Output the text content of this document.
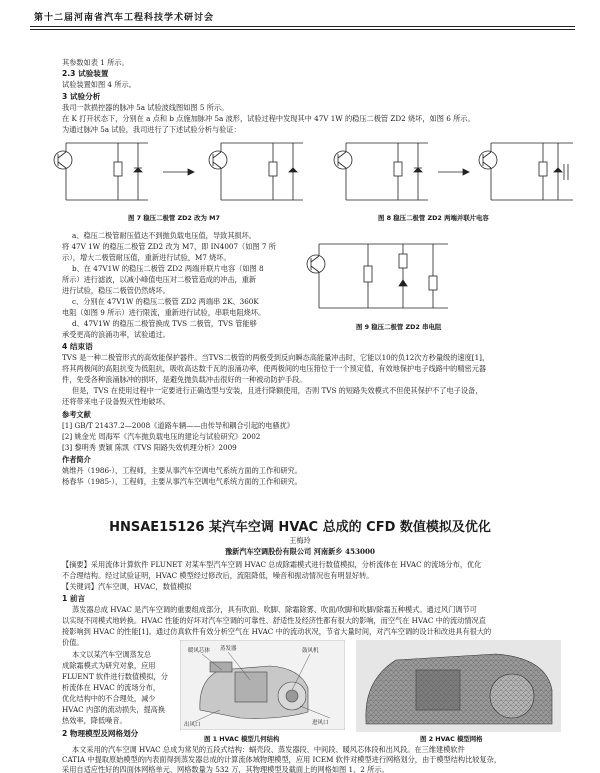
第十二届河南省汽车工程科技学术研讨会
其参数如表 1 所示。
2.3 试验装置
试验装置如图 4 所示。
3 试验分析
我司一款损控器的脉冲 5a 试验波线图如图 5 所示。
在 K 打开状态下，分别在 a 点和 b 点施加脉冲 5a 波形，试验过程中发现其中 47V 1W 的稳压二极管 ZD2 烧坏，如图 6 所示。
为通过脉冲 5a 试验，我司进行了下述试验分析与验证：
图 7 稳压二极管 ZD2 改为 M7	图 8 稳压二极管 ZD2 两端并联片电容
a、稳压二极管耐压值达不到抛负载电压值，导致其损坏。
将 47V 1W 的稳压二极管 ZD2 改为 M7，即 IN4007（如图 7 所
示），增大二极管耐压值，重新进行试验，M7 烧坏。
b、在 47V1W 的稳压二极管 ZD2 两端并联片电容（如图 8
所示）进行滤波，以减小峰值电压对二极管造成的冲击，重新
进行试验，稳压二极管仍然烧坏。
c、分别在 47V1W 的稳压二极管 ZD2 两端串 2K、360K
电阻（如图 9 所示）进行限流，重新进行试验，串联电阻烧坏。
d、47V1W 的稳压二极管换成 TVS 二极管，TVS 管能够
承受更高的浪涌功率，试验通过。
图 9 稳压二极管 ZD2 串电阻
4 结束语
TVS 是一种二极管形式的高效能保护器件。当TVS二极管的两极受到反向瞬态高能量冲击时，它能以10的负12次方秒量级的速度[1]，
将其两极间的高阻抗变为低阻抗，吸收高达数千瓦的浪涌功率，使两极间的电压箝位于一个预定值，有效地保护电子线路中的精密元器
件，免受各种浪涌脉冲的损坏，是避免抛负载冲击很好的一种被动防护手段。
但是，TVS 在使用过程中一定要进行正确选型与安装，且进行降额使用，否则 TVS 的短路失效模式不但使其保护不了电子设备，
还将带来电子设备毁灭性地破坏。
参考文献
[1] GB/T 21437.2—2008《道路车辆——由传导和耦合引起的电骚扰》
[2] 姚金光 周海军《汽车抛负载电压的建论与试验研究》2002
[3] 黎明秀 贾颖 陈凯《TVS 阳路失效机理分析》2009
作者简介
姚维丹（1986-），工程师，主要从事汽车空调电气系统方面的工作和研究。
杨春华（1985-），工程师，主要从事汽车空调电气系统方面的工作和研究。
HNSAE15126 某汽车空调 HVAC 总成的 CFD 数值模拟及优化
王梅玲
豫新汽车空调股份有限公司 河南新乡 453000
【摘要】采用流体计算软件 FLUNET 对某车型汽车空调 HVAC 总成除霜模式进行数值模拟，分析流体在 HVAC 的流场分布，优化
不合理结构。经过试验证明，HVAC 模型经过修改后，流阻降低，噪音和振动情况也有明显好转。
【关键词】汽车空调，HVAC，数值模拟
1 前言
蒸发器总成 HVAC 是汽车空调的重要组成部分，具有吹面、吹脚、除霜除雾、吹面/吹脚和吹脚/除霜五种模式。通过风门调节可
以实现不同模式地转换。HVAC 性能的好坏对汽车空调的可靠性、舒适性及经济性都有很大的影响，而空气在 HVAC 中的流动情况直
接影响到 HVAC 的性能[1]。通过仿真软件有效分析空气在 HVAC 中的流动状况，节省大量时间，对汽车空调的设计和改进具有很大的
价值。
本文以某汽车空调蒸发总
成除霜模式为研究对象，应用
FLUENT 软件进行数值模拟，分
析流体在 HVAC 的流场分布，
优化结构中的不合理处，减少
HVAC 内部的流动损失，提高换
热效率，降低噪音。
2 物理模型及网格划分
蒸发器	鼓风机
暖风芯体
出风口	进风口
图 1 HVAC 模型几何结构	图 2 HVAC 模型网格
本文采用的汽车空调 HVAC 总成为常见的五段式结构：蜗壳段、蒸发器段、中间段、暖风芯体段和出风段。在三维建模软件
CATIA 中提取原始模型的内表面得到蒸发器总成的计算流体域物理模型，应用 ICEM 软件对模型进行网格划分，由于模型结构比较复杂，
采用自适应性好的四面体网格单元，网格数量为 532 万，其物理模型及截面上的网格如图 1、2 所示。
